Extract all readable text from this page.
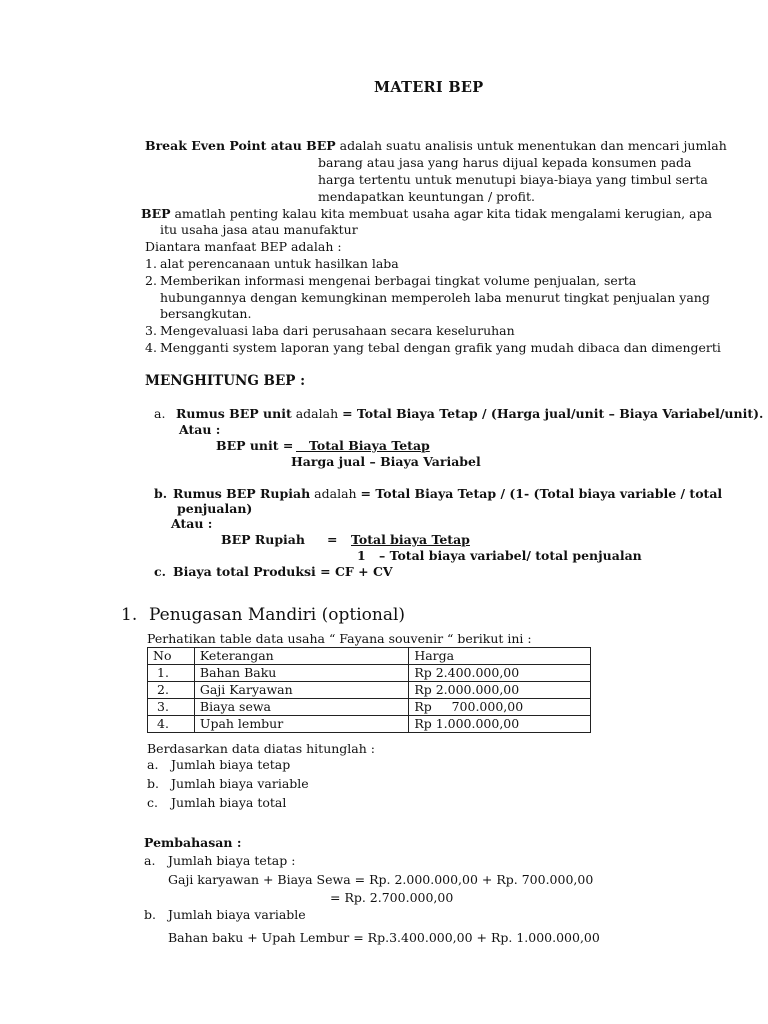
MATERI BEP
Break Even Point atau BEP adalah suatu analisis untuk menentukan dan mencari jumlah
barang atau jasa yang harus dijual kepada konsumen pada
harga tertentu untuk menutupi biaya-biaya yang timbul serta
mendapatkan keuntungan / profit.
BEP amatlah penting kalau kita membuat usaha agar kita tidak mengalami kerugian, apa
itu usaha jasa atau manufaktur
Diantara manfaat BEP adalah :
1. alat perencanaan untuk hasilkan laba
2. Memberikan informasi mengenai berbagai tingkat volume penjualan, serta
hubungannya dengan kemungkinan memperoleh laba menurut tingkat penjualan yang
bersangkutan.
3. Mengevaluasi laba dari perusahaan secara keseluruhan
4. Mengganti system laporan yang tebal dengan grafik yang mudah dibaca dan dimengerti
MENGHITUNG BEP :
a. Rumus BEP unit adalah = Total Biaya Tetap / (Harga jual/unit – Biaya Variabel/unit).
Atau :
BEP unit = Total Biaya Tetap
Harga jual – Biaya Variabel
b. Rumus BEP Rupiah adalah = Total Biaya Tetap / (1- (Total biaya variable / total
penjualan)
Atau :
BEP Rupiah = Total biaya Tetap
1 – Total biaya variabel/ total penjualan
c. Biaya total Produksi = CF + CV
1. Penugasan Mandiri (optional)
Perhatikan table data usaha “ Fayana souvenir “ berikut ini :
No	Keterangan	Harga
1.	Bahan Baku	Rp 2.400.000,00
2.	Gaji Karyawan	Rp 2.000.000,00
3.	Biaya sewa	Rp     700.000,00
4.	Upah lembur	Rp 1.000.000,00
Berdasarkan data diatas hitunglah :
a. Jumlah biaya tetap
b. Jumlah biaya variable
c. Jumlah biaya total
Pembahasan :
a. Jumlah biaya tetap :
Gaji karyawan + Biaya Sewa = Rp. 2.000.000,00 + Rp. 700.000,00
= Rp. 2.700.000,00
b. Jumlah biaya variable
Bahan baku + Upah Lembur = Rp.3.400.000,00 + Rp. 1.000.000,00
